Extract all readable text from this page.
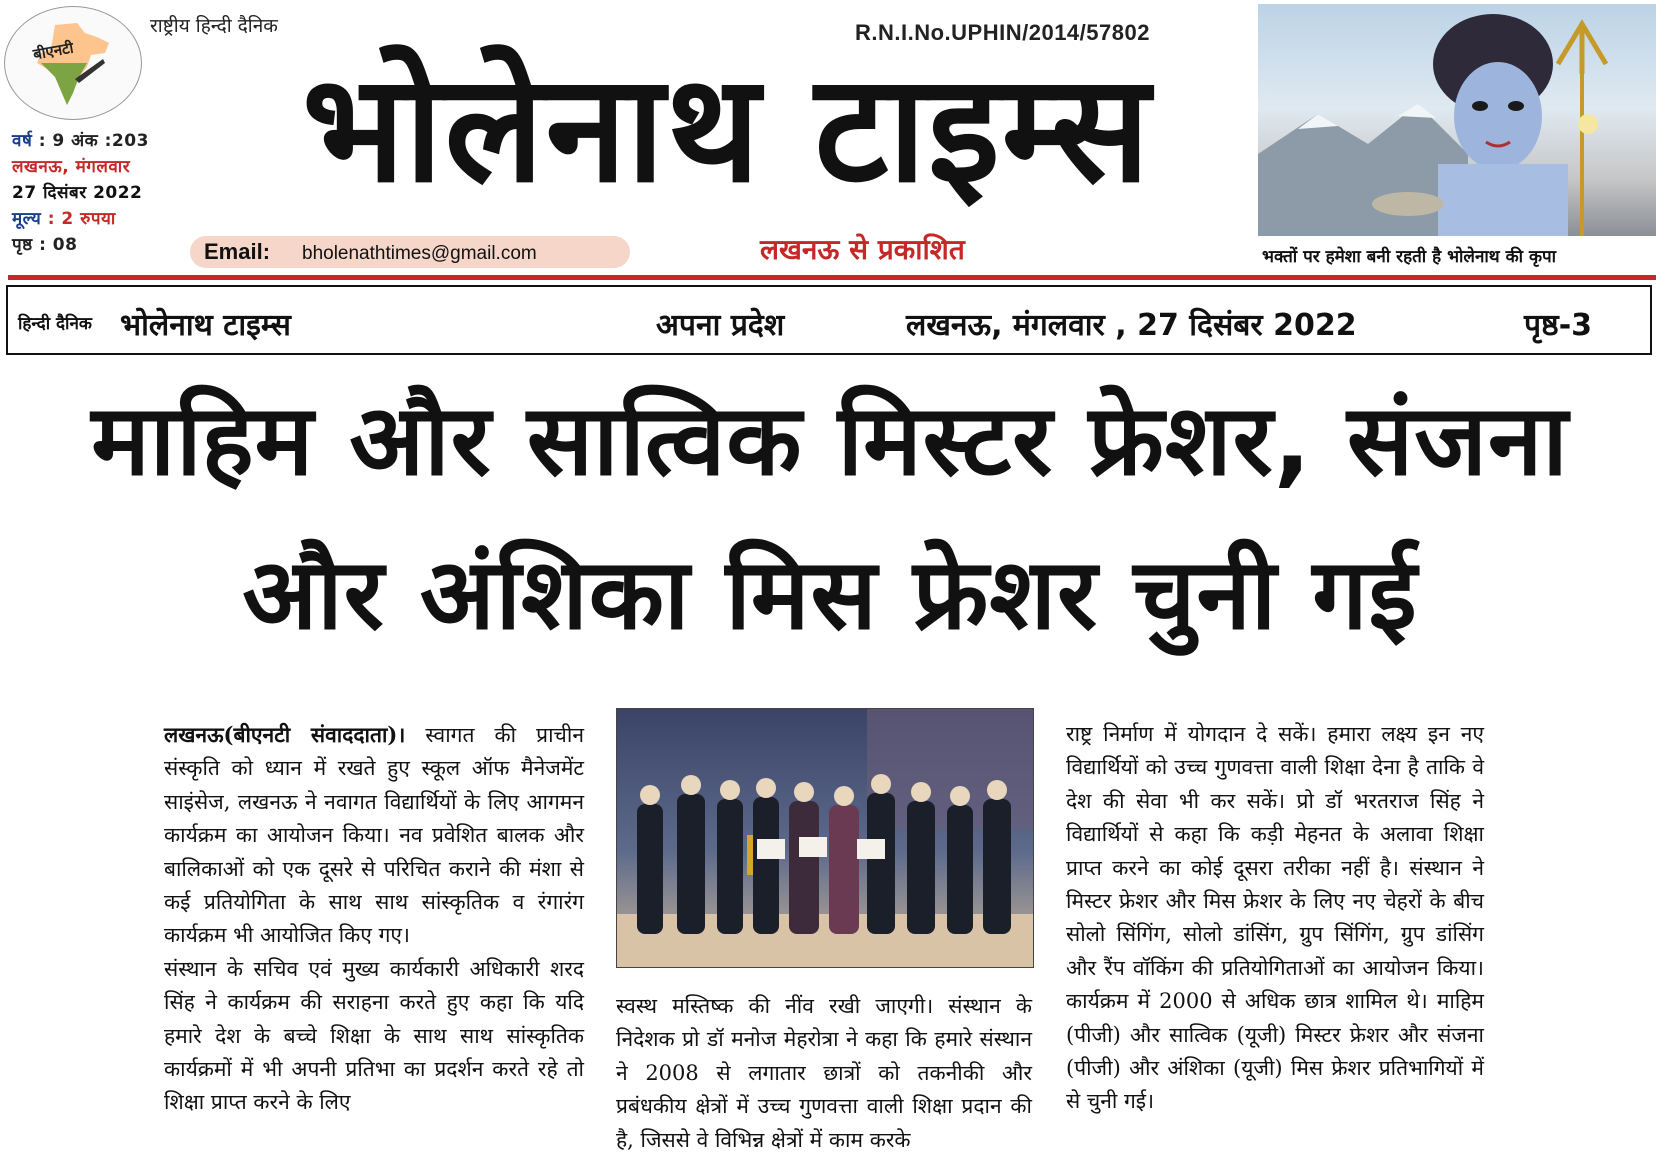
बीएनटी
राष्ट्रीय हिन्दी दैनिक
वर्ष : 9 अंक :203
लखनऊ, मंगलवार
27 दिसंबर 2022
मूल्य : 2 रुपया
पृष्ठ : 08
R.N.I.No.UPHIN/2014/57802
भोलेनाथ टाइम्स
Email: bholenathtimes@gmail.com	लखनऊ से प्रकाशित	भक्तों पर हमेशा बनी रहती है भोलेनाथ की कृपा
हिन्दी दैनिक भोलेनाथ टाइम्स	अपना प्रदेश	लखनऊ, मंगलवार , 27 दिसंबर 2022	पृष्ठ-3
माहिम और सात्विक मिस्टर फ्रेशर, संजना
और अंशिका मिस फ्रेशर चुनी गई

लखनऊ(बीएनटी संवाददाता)। स्वागत की प्राचीन संस्कृति को ध्यान में रखते हुए स्कूल ऑफ मैनेजमेंट साइंसेज, लखनऊ ने नवागत विद्यार्थियों के लिए आगमन कार्यक्रम का आयोजन किया। नव प्रवेशित बालक और बालिकाओं को एक दूसरे से परिचित कराने की मंशा से कई प्रतियोगिता के साथ साथ सांस्कृतिक व रंगारंग कार्यक्रम भी आयोजित किए गए।

संस्थान के सचिव एवं मुख्य कार्यकारी अधिकारी शरद सिंह ने कार्यक्रम की सराहना करते हुए कहा कि यदि हमारे देश के बच्चे शिक्षा के साथ साथ सांस्कृतिक कार्यक्रमों में भी अपनी प्रतिभा का प्रदर्शन करते रहे तो शिक्षा प्राप्त करने के लिए

स्वस्थ मस्तिष्क की नींव रखी जाएगी। संस्थान के निदेशक प्रो डॉ मनोज मेहरोत्रा ने कहा कि हमारे संस्थान ने 2008 से लगातार छात्रों को तकनीकी और प्रबंधकीय क्षेत्रों में उच्च गुणवत्ता वाली शिक्षा प्रदान की है, जिससे वे विभिन्न क्षेत्रों में काम करके

राष्ट्र निर्माण में योगदान दे सकें। हमारा लक्ष्य इन नए विद्यार्थियों को उच्च गुणवत्ता वाली शिक्षा देना है ताकि वे देश की सेवा भी कर सकें। प्रो डॉ भरतराज सिंह ने विद्यार्थियों से कहा कि कड़ी मेहनत के अलावा शिक्षा प्राप्त करने का कोई दूसरा तरीका नहीं है। संस्थान ने मिस्टर फ्रेशर और मिस फ्रेशर के लिए नए चेहरों के बीच सोलो सिंगिंग, सोलो डांसिंग, ग्रुप सिंगिंग, ग्रुप डांसिंग और रैंप वॉकिंग की प्रतियोगिताओं का आयोजन किया। कार्यक्रम में 2000 से अधिक छात्र शामिल थे। माहिम (पीजी) और सात्विक (यूजी) मिस्टर फ्रेशर और संजना (पीजी) और अंशिका (यूजी) मिस फ्रेशर प्रतिभागियों में से चुनी गई।
